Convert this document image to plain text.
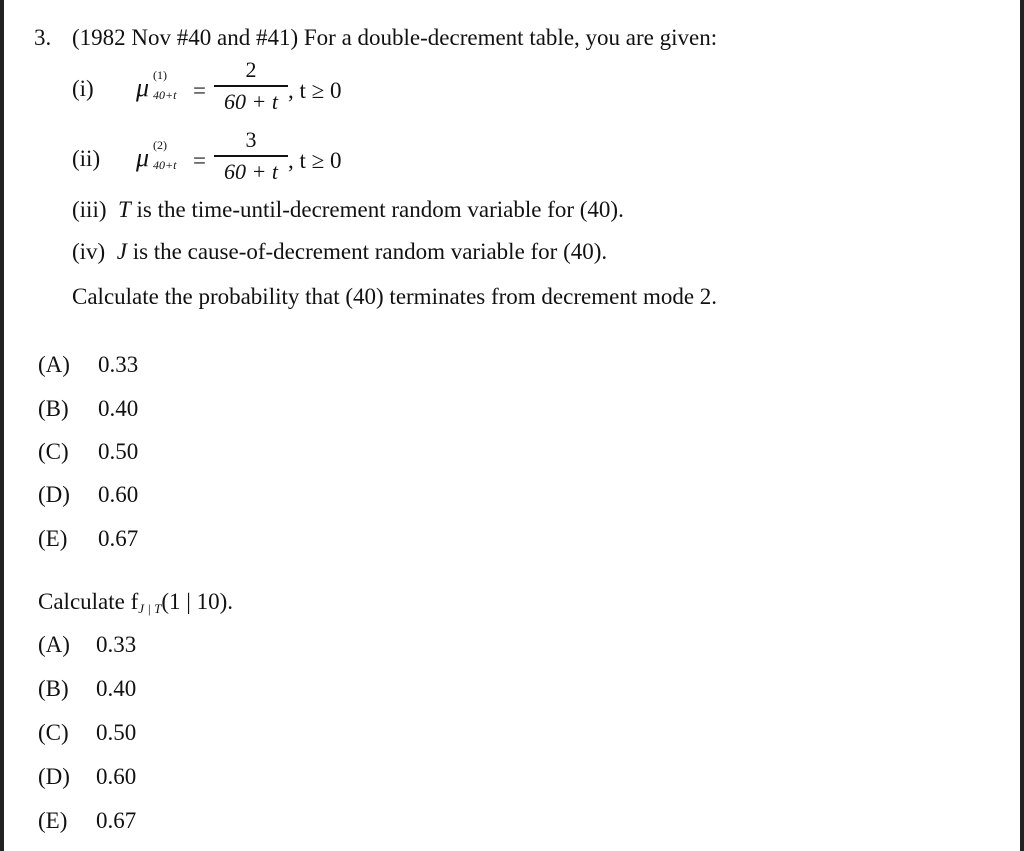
3. (1982 Nov #40 and #41) For a double-decrement table, you are given:
(i) μ (1)
40+t =
2
60 + t , t ≥ 0
(ii) μ (2)
40+t =
3
60 + t , t ≥ 0
(iii) T is the time-until-decrement random variable for (40).
(iv) J is the cause-of-decrement random variable for (40).
Calculate the probability that (40) terminates from decrement mode 2.
(A) 0.33
(B) 0.40
(C) 0.50
(D) 0.60
(E) 0.67
Calculate fJ | T(1 | 10).
(A) 0.33
(B) 0.40
(C) 0.50
(D) 0.60
(E) 0.67
